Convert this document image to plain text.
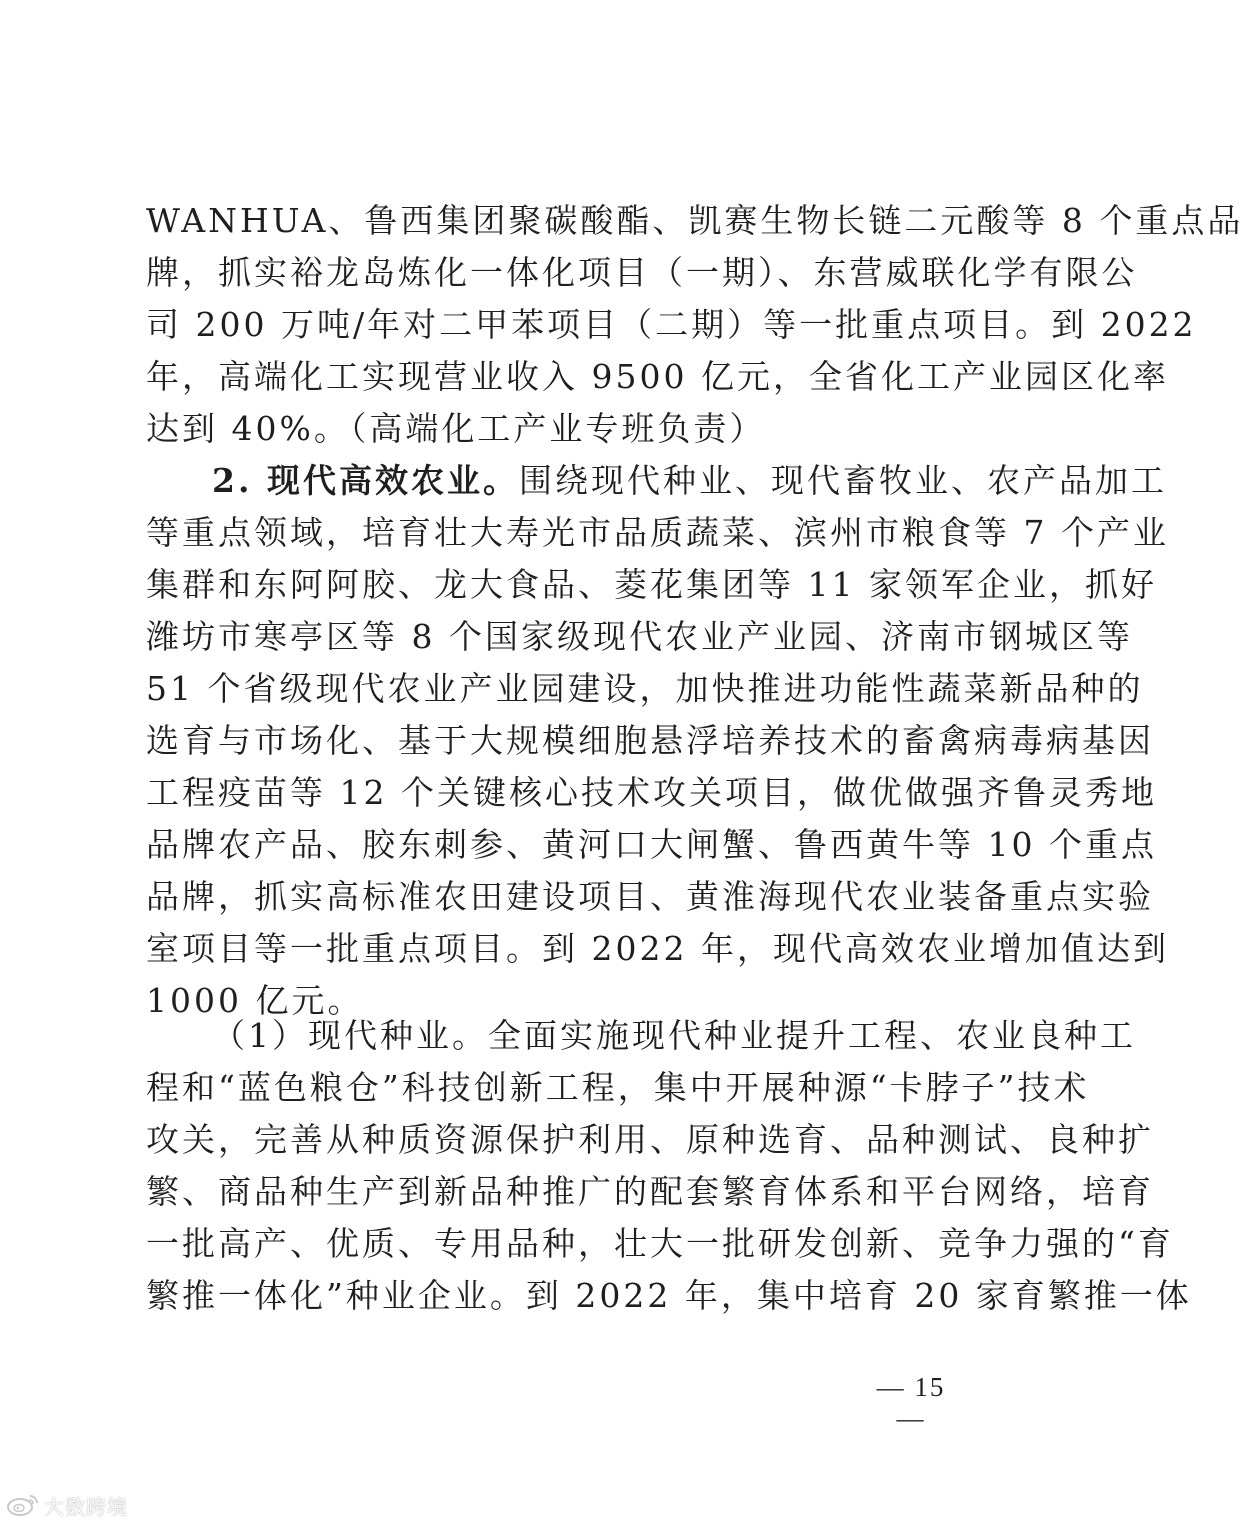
WANHUA、鲁西集团聚碳酸酯、凯赛生物长链二元酸等 8 个重点品
牌，抓实裕龙岛炼化一体化项目（一期）、东营威联化学有限公
司 200 万吨/年对二甲苯项目（二期）等一批重点项目。到 2022
年，高端化工实现营业收入 9500 亿元，全省化工产业园区化率
达到 40%。（高端化工产业专班负责）
2. 现代高效农业。围绕现代种业、现代畜牧业、农产品加工
等重点领域，培育壮大寿光市品质蔬菜、滨州市粮食等 7 个产业
集群和东阿阿胶、龙大食品、菱花集团等 11 家领军企业，抓好
潍坊市寒亭区等 8 个国家级现代农业产业园、济南市钢城区等
51 个省级现代农业产业园建设，加快推进功能性蔬菜新品种的
选育与市场化、基于大规模细胞悬浮培养技术的畜禽病毒病基因
工程疫苗等 12 个关键核心技术攻关项目，做优做强齐鲁灵秀地
品牌农产品、胶东刺参、黄河口大闸蟹、鲁西黄牛等 10 个重点
品牌，抓实高标准农田建设项目、黄淮海现代农业装备重点实验
室项目等一批重点项目。到 2022 年，现代高效农业增加值达到
1000 亿元。
（1）现代种业。全面实施现代种业提升工程、农业良种工
程和“蓝色粮仓”科技创新工程，集中开展种源“卡脖子”技术
攻关，完善从种质资源保护利用、原种选育、品种测试、良种扩
繁、商品种生产到新品种推广的配套繁育体系和平台网络，培育
一批高产、优质、专用品种，壮大一批研发创新、竞争力强的“育
繁推一体化”种业企业。到 2022 年，集中培育 20 家育繁推一体
— 15 —
大数跨境
